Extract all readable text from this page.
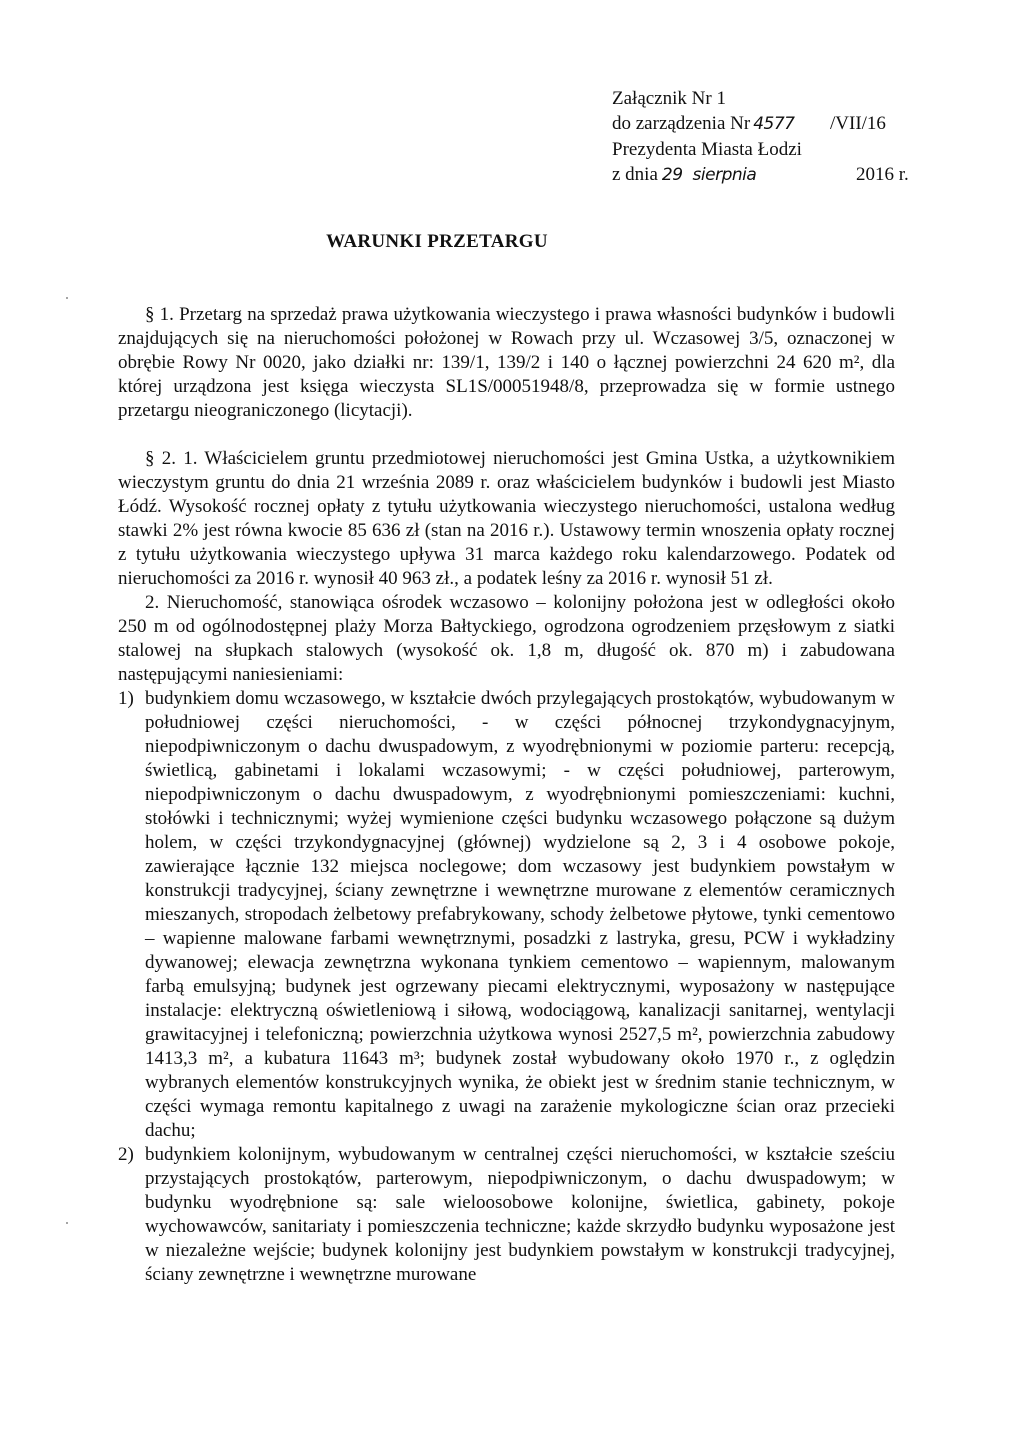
Załącznik Nr 1
do zarządzenia Nr 4577 /VII/16
Prezydenta Miasta Łodzi
z dnia 29 sierpnia	2016 r.
WARUNKI PRZETARGU

§ 1. Przetarg na sprzedaż prawa użytkowania wieczystego i prawa własności budynków i budowli znajdujących się na nieruchomości położonej w Rowach przy ul. Wczasowej 3/5, oznaczonej w obrębie Rowy Nr 0020, jako działki nr: 139/1, 139/2 i 140 o łącznej powierzchni 24 620 m², dla której urządzona jest księga wieczysta SL1S/00051948/8, przeprowadza się w formie ustnego przetargu nieograniczonego (licytacji).

§ 2. 1. Właścicielem gruntu przedmiotowej nieruchomości jest Gmina Ustka, a użytkownikiem wieczystym gruntu do dnia 21 września 2089 r. oraz właścicielem budynków i budowli jest Miasto Łódź. Wysokość rocznej opłaty z tytułu użytkowania wieczystego nieruchomości, ustalona według stawki 2% jest równa kwocie 85 636 zł (stan na 2016 r.). Ustawowy termin wnoszenia opłaty rocznej z tytułu użytkowania wieczystego upływa 31 marca każdego roku kalendarzowego. Podatek od nieruchomości za 2016 r. wynosił 40 963 zł., a podatek leśny za 2016 r. wynosił 51 zł.

2. Nieruchomość, stanowiąca ośrodek wczasowo – kolonijny położona jest w odległości około 250 m od ogólnodostępnej plaży Morza Bałtyckiego, ogrodzona ogrodzeniem przęsłowym z siatki stalowej na słupkach stalowych (wysokość ok. 1,8 m, długość ok. 870 m) i zabudowana następującymi naniesieniami:

1) budynkiem domu wczasowego, w kształcie dwóch przylegających prostokątów, wybudowanym w południowej części nieruchomości, - w części północnej trzykondygnacyjnym, niepodpiwniczonym o dachu dwuspadowym, z wyodrębnionymi w poziomie parteru: recepcją, świetlicą, gabinetami i lokalami wczasowymi; - w części południowej, parterowym, niepodpiwniczonym o dachu dwuspadowym, z wyodrębnionymi pomieszczeniami: kuchni, stołówki i technicznymi; wyżej wymienione części budynku wczasowego połączone są dużym holem, w części trzykondygnacyjnej (głównej) wydzielone są 2, 3 i 4 osobowe pokoje, zawierające łącznie 132 miejsca noclegowe; dom wczasowy jest budynkiem powstałym w konstrukcji tradycyjnej, ściany zewnętrzne i wewnętrzne murowane z elementów ceramicznych mieszanych, stropodach żelbetowy prefabrykowany, schody żelbetowe płytowe, tynki cementowo – wapienne malowane farbami wewnętrznymi, posadzki z lastryka, gresu, PCW i wykładziny dywanowej; elewacja zewnętrzna wykonana tynkiem cementowo – wapiennym, malowanym farbą emulsyjną; budynek jest ogrzewany piecami elektrycznymi, wyposażony w następujące instalacje: elektryczną oświetleniową i siłową, wodociągową, kanalizacji sanitarnej, wentylacji grawitacyjnej i telefoniczną; powierzchnia użytkowa wynosi 2527,5 m², powierzchnia zabudowy 1413,3 m², a kubatura 11643 m³; budynek został wybudowany około 1970 r., z oględzin wybranych elementów konstrukcyjnych wynika, że obiekt jest w średnim stanie technicznym, w części wymaga remontu kapitalnego z uwagi na zarażenie mykologiczne ścian oraz przecieki dachu;
2) budynkiem kolonijnym, wybudowanym w centralnej części nieruchomości, w kształcie sześciu przystających prostokątów, parterowym, niepodpiwniczonym, o dachu dwuspadowym; w budynku wyodrębnione są: sale wieloosobowe kolonijne, świetlica, gabinety, pokoje wychowawców, sanitariaty i pomieszczenia techniczne; każde skrzydło budynku wyposażone jest w niezależne wejście; budynek kolonijny jest budynkiem powstałym w konstrukcji tradycyjnej, ściany zewnętrzne i wewnętrzne murowane
